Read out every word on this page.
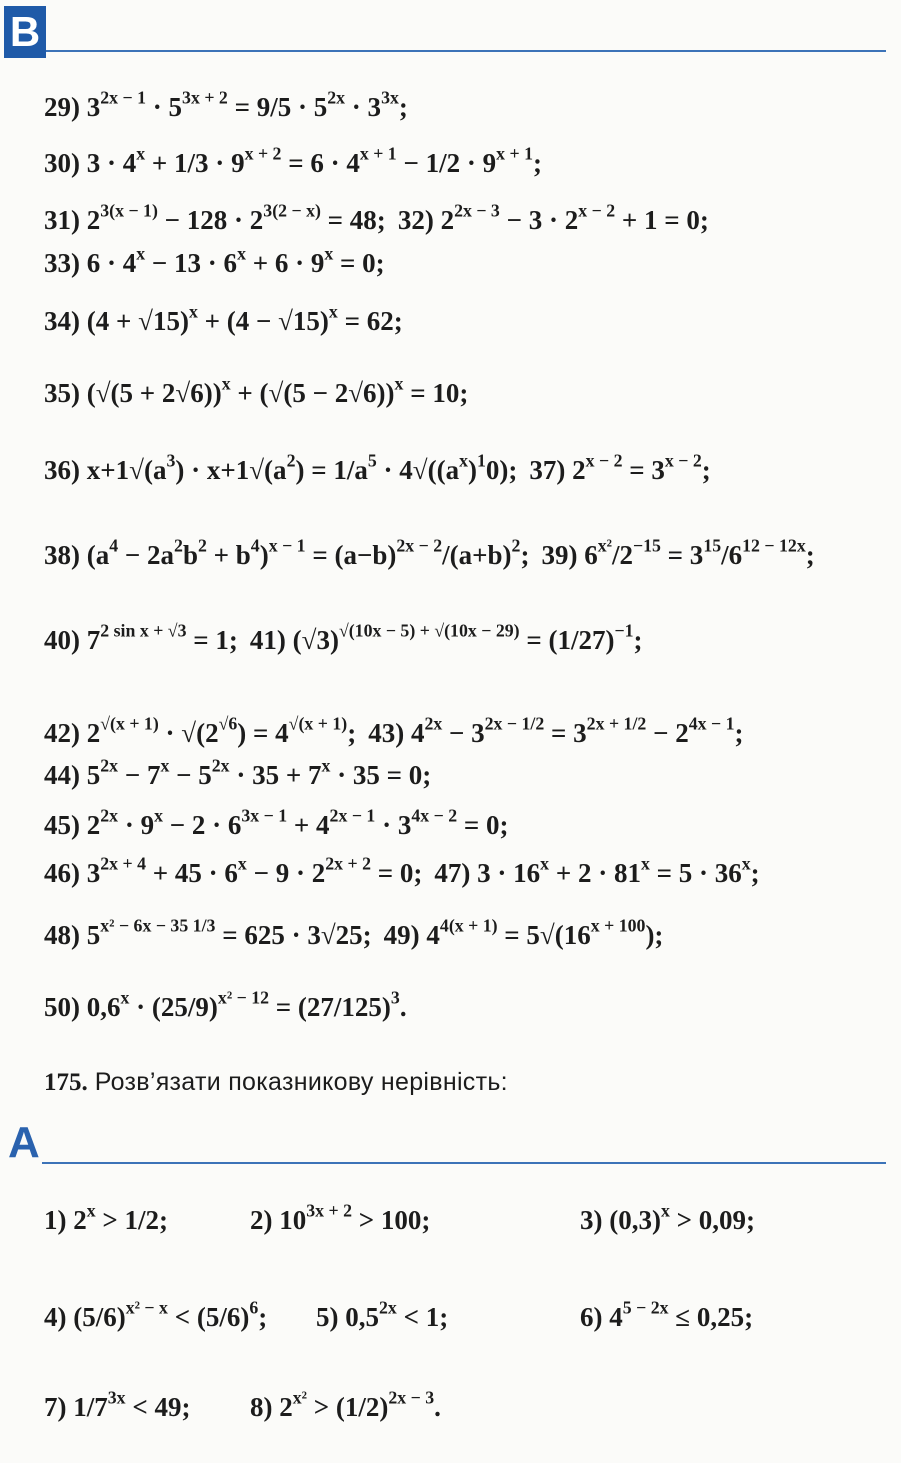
B
29) $3^{2x - 1} \cdot 5^{3x + 2} = 9/5 \cdot 5^{2x} \cdot 3^{3x}$;
30) $3 \cdot 4^x + 1/3 \cdot 9^{x + 2} = 6 \cdot 4^{x + 1} - 1/2 \cdot 9^{x + 1}$;
31) $2^{3(x - 1)} - 128 \cdot 2^{3(2 - x)} = 48$; 32) $2^{2x - 3} - 3 \cdot 2^{x - 2} + 1 = 0$;
33) $6 \cdot 4^x - 13 \cdot 6^x + 6 \cdot 9^x = 0$;
34) $(4 + √15)^x + (4 - √15)^x = 62$;
35) $(√(5 + 2√6))^x + (√(5 - 2√6))^x = 10$;
36) $x+1√(a^3) \cdot x+1√(a^2) = 1/a^5 \cdot 4√((a^x)^10)$; 37) $2^{x - 2} = 3^{x - 2}$;
38) $(a^4 - 2a^2b^2 + b^4)^{x - 1} = (a-b)^{2x - 2}/(a+b)^2$; 39) $6^{x^2}/2^{-15} = 3^{15}/6^{12 - 12x}$;
40) $7^{2 sin x + √3} = 1$; 41) $(√3)^{√(10x - 5) + √(10x - 29)} = (1/27)^{-1}$;
42) $2^{√(x + 1)} \cdot √(2^{√6}) = 4^{√(x + 1)}$; 43) $4^{2x} - 3^{2x - 1/2} = 3^{2x + 1/2} - 2^{4x - 1}$;
44) $5^{2x} - 7^x - 5^{2x} \cdot 35 + 7^x \cdot 35 = 0$;
45) $2^{2x} \cdot 9^x - 2 \cdot 6^{3x - 1} + 4^{2x - 1} \cdot 3^{4x - 2} = 0$;
46) $3^{2x + 4} + 45 \cdot 6^x - 9 \cdot 2^{2x + 2} = 0$; 47) $3 \cdot 16^x + 2 \cdot 81^x = 5 \cdot 36^x$;
48) $5^{x^2 - 6x - 35 1/3} = 625 \cdot 3√25$; 49) $4^{4(x + 1)} = 5√(16^{x + 100})$;
50) $0,6^x \cdot (25/9)^{x^2 - 12} = (27/125)^3$.
175. Розв’язати показникову нерівність:
A
1) $2^x > 1/2$;	2) $10^{3x + 2} > 100$;	3) $(0,3)^x > 0,09$;
4) $(5/6)^{x^2 - x} < (5/6)^6$; 5) $0,5^{2x} < 1$;	6) $4^{5 - 2x} \le 0,25$;
7) $1/7^{3x} < 49$; 8) $2^{x^2} > (1/2)^{2x - 3}$.
